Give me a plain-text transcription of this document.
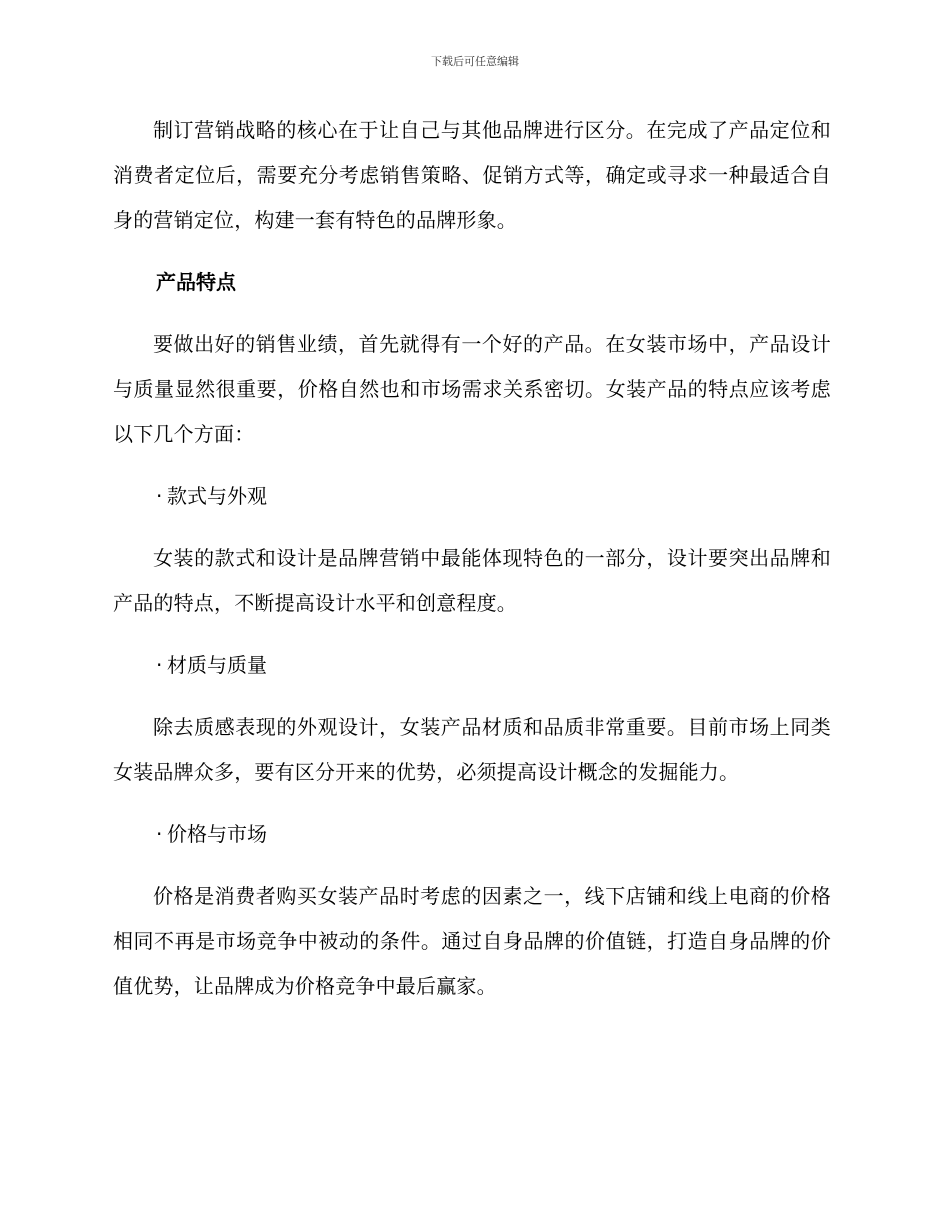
下载后可任意编辑

制订营销战略的核心在于让自己与其他品牌进行区分。在完成了产品定位和消费者定位后，需要充分考虑销售策略、促销方式等，确定或寻求一种最适合自身的营销定位，构建一套有特色的品牌形象。

产品特点

要做出好的销售业绩，首先就得有一个好的产品。在女装市场中，产品设计与质量显然很重要，价格自然也和市场需求关系密切。女装产品的特点应该考虑以下几个方面：

· 款式与外观

女装的款式和设计是品牌营销中最能体现特色的一部分，设计要突出品牌和产品的特点，不断提高设计水平和创意程度。

· 材质与质量

除去质感表现的外观设计，女装产品材质和品质非常重要。目前市场上同类女装品牌众多，要有区分开来的优势，必须提高设计概念的发掘能力。

· 价格与市场

价格是消费者购买女装产品时考虑的因素之一，线下店铺和线上电商的价格相同不再是市场竞争中被动的条件。通过自身品牌的价值链，打造自身品牌的价值优势，让品牌成为价格竞争中最后赢家。
